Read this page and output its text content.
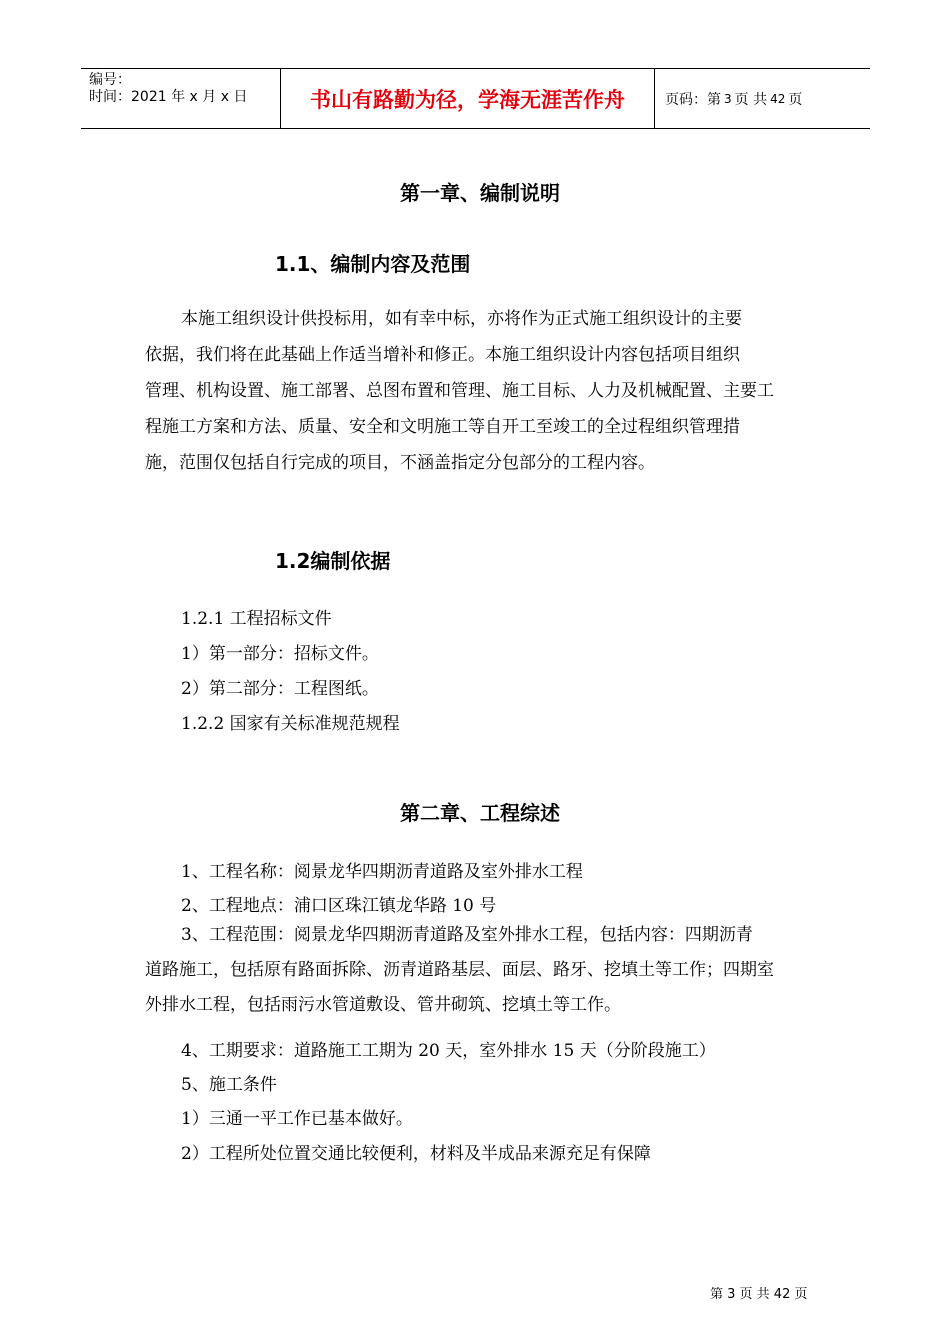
编号：
时间：2021 年 x 月 x 日	书山有路勤为径，学海无涯苦作舟	页码：第 3 页 共 42 页
第一章、编制说明
1.1、编制内容及范围
本施工组织设计供投标用，如有幸中标，亦将作为正式施工组织设计的主要
依据，我们将在此基础上作适当增补和修正。本施工组织设计内容包括项目组织
管理、机构设置、施工部署、总图布置和管理、施工目标、人力及机械配置、主要工
程施工方案和方法、质量、安全和文明施工等自开工至竣工的全过程组织管理措
施，范围仅包括自行完成的项目，不涵盖指定分包部分的工程内容。
1.2编制依据
1.2.1 工程招标文件
1）第一部分：招标文件。
2）第二部分：工程图纸。
1.2.2 国家有关标准规范规程
第二章、工程综述
1、工程名称：阅景龙华四期沥青道路及室外排水工程
2、工程地点：浦口区珠江镇龙华路 10 号
3、工程范围：阅景龙华四期沥青道路及室外排水工程，包括内容：四期沥青
道路施工，包括原有路面拆除、沥青道路基层、面层、路牙、挖填土等工作；四期室
外排水工程，包括雨污水管道敷设、管井砌筑、挖填土等工作。
4、工期要求：道路施工工期为 20 天，室外排水 15 天（分阶段施工）
5、施工条件
1）三通一平工作已基本做好。
2）工程所处位置交通比较便利，材料及半成品来源充足有保障
第 3 页 共 42 页
